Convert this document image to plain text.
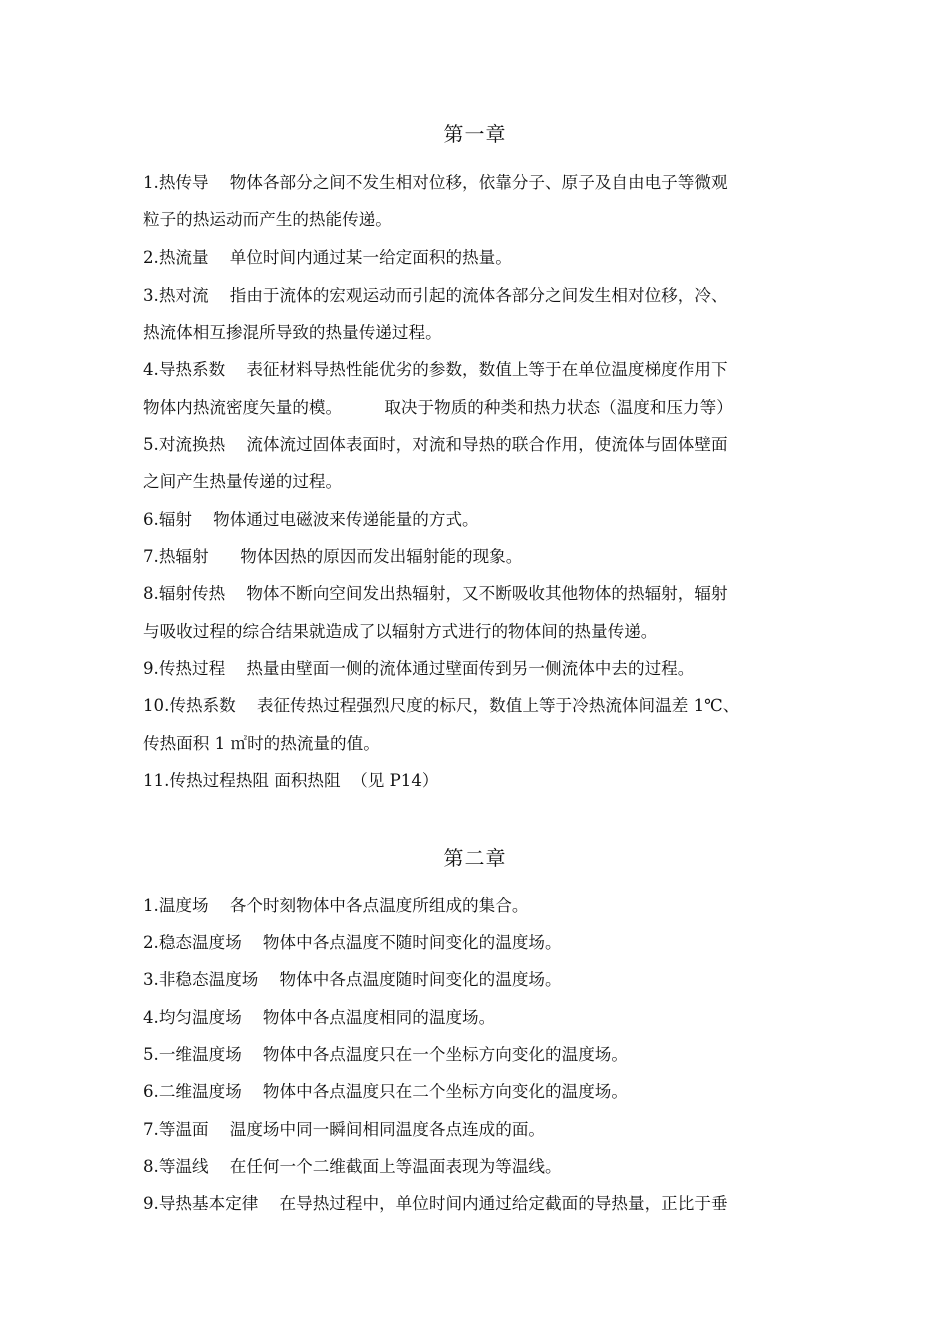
第一章
1.热传导    物体各部分之间不发生相对位移，依靠分子、原子及自由电子等微观
粒子的热运动而产生的热能传递。
2.热流量    单位时间内通过某一给定面积的热量。
3.热对流    指由于流体的宏观运动而引起的流体各部分之间发生相对位移，冷、
热流体相互掺混所导致的热量传递过程。
4.导热系数    表征材料导热性能优劣的参数，数值上等于在单位温度梯度作用下
物体内热流密度矢量的模。        取决于物质的种类和热力状态（温度和压力等）
5.对流换热    流体流过固体表面时，对流和导热的联合作用，使流体与固体壁面
之间产生热量传递的过程。
6.辐射    物体通过电磁波来传递能量的方式。
7.热辐射      物体因热的原因而发出辐射能的现象。
8.辐射传热    物体不断向空间发出热辐射，又不断吸收其他物体的热辐射，辐射
与吸收过程的综合结果就造成了以辐射方式进行的物体间的热量传递。
9.传热过程    热量由壁面一侧的流体通过壁面传到另一侧流体中去的过程。
10.传热系数    表征传热过程强烈尺度的标尺，数值上等于冷热流体间温差 1℃、
传热面积 1 ㎡时的热流量的值。
11.传热过程热阻 面积热阻  （见 P14）
第二章
1.温度场    各个时刻物体中各点温度所组成的集合。
2.稳态温度场    物体中各点温度不随时间变化的温度场。
3.非稳态温度场    物体中各点温度随时间变化的温度场。
4.均匀温度场    物体中各点温度相同的温度场。
5.一维温度场    物体中各点温度只在一个坐标方向变化的温度场。
6.二维温度场    物体中各点温度只在二个坐标方向变化的温度场。
7.等温面    温度场中同一瞬间相同温度各点连成的面。
8.等温线    在任何一个二维截面上等温面表现为等温线。
9.导热基本定律    在导热过程中，单位时间内通过给定截面的导热量，正比于垂
